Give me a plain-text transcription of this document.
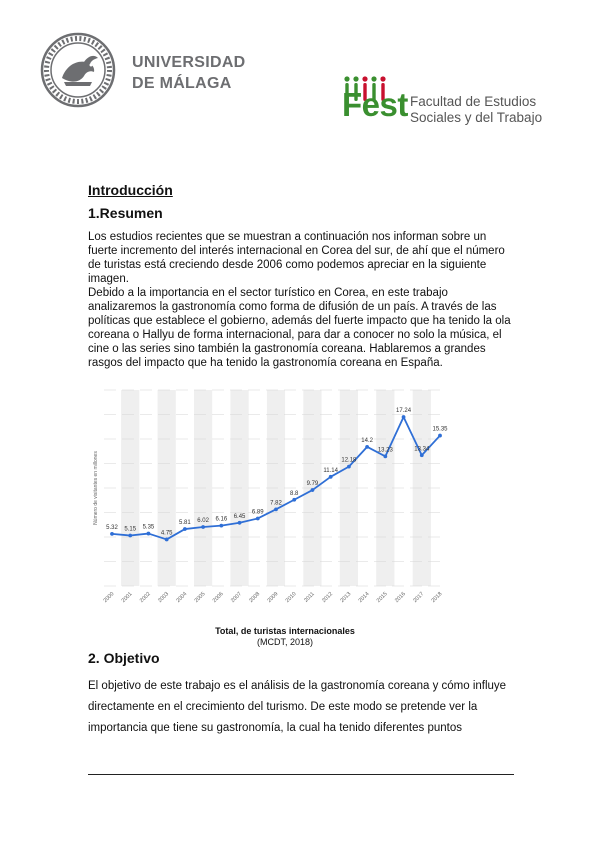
UNIVERSIDAD
DE MÁLAGA
Fest Facultad de Estudios
Sociales y del Trabajo
Introducción
1.Resumen

Los estudios recientes que se muestran a continuación nos informan sobre un fuerte incremento del interés internacional en Corea del sur, de ahí que el número de turistas está creciendo desde 2006 como podemos apreciar en la siguiente imagen.

Debido a la importancia en el sector turístico en Corea, en este trabajo analizaremos la gastronomía como forma de difusión de un país. A través de las políticas que establece el gobierno, además del fuerte impacto que ha tenido la ola coreana o Hallyu de forma internacional, para dar a conocer no solo la música, el cine o las series sino también la gastronomía coreana. Hablaremos a grandes rasgos del impacto que ha tenido la gastronomía coreana en España.

Número de visitantes en millones
5.32 5.15 5.35
4.75
5.81 6.02 6.16 6.45
6.89
7.82
8.8
9.79
11.14
12.18
14.2
13.23
17.24
13.34
15.35
2000 2001 2002 2003 2004 2005 2006 2007 2008 2009 2010 2011 2012 2013 2014 2015 2016 2017 2018
Total, de turistas internacionales
(MCDT, 2018)
2. Objetivo

El objetivo de este trabajo es el análisis de la gastronomía coreana y cómo influye directamente en el crecimiento del turismo. De este modo se pretende ver la importancia que tiene su gastronomía, la cual ha tenido diferentes puntos
